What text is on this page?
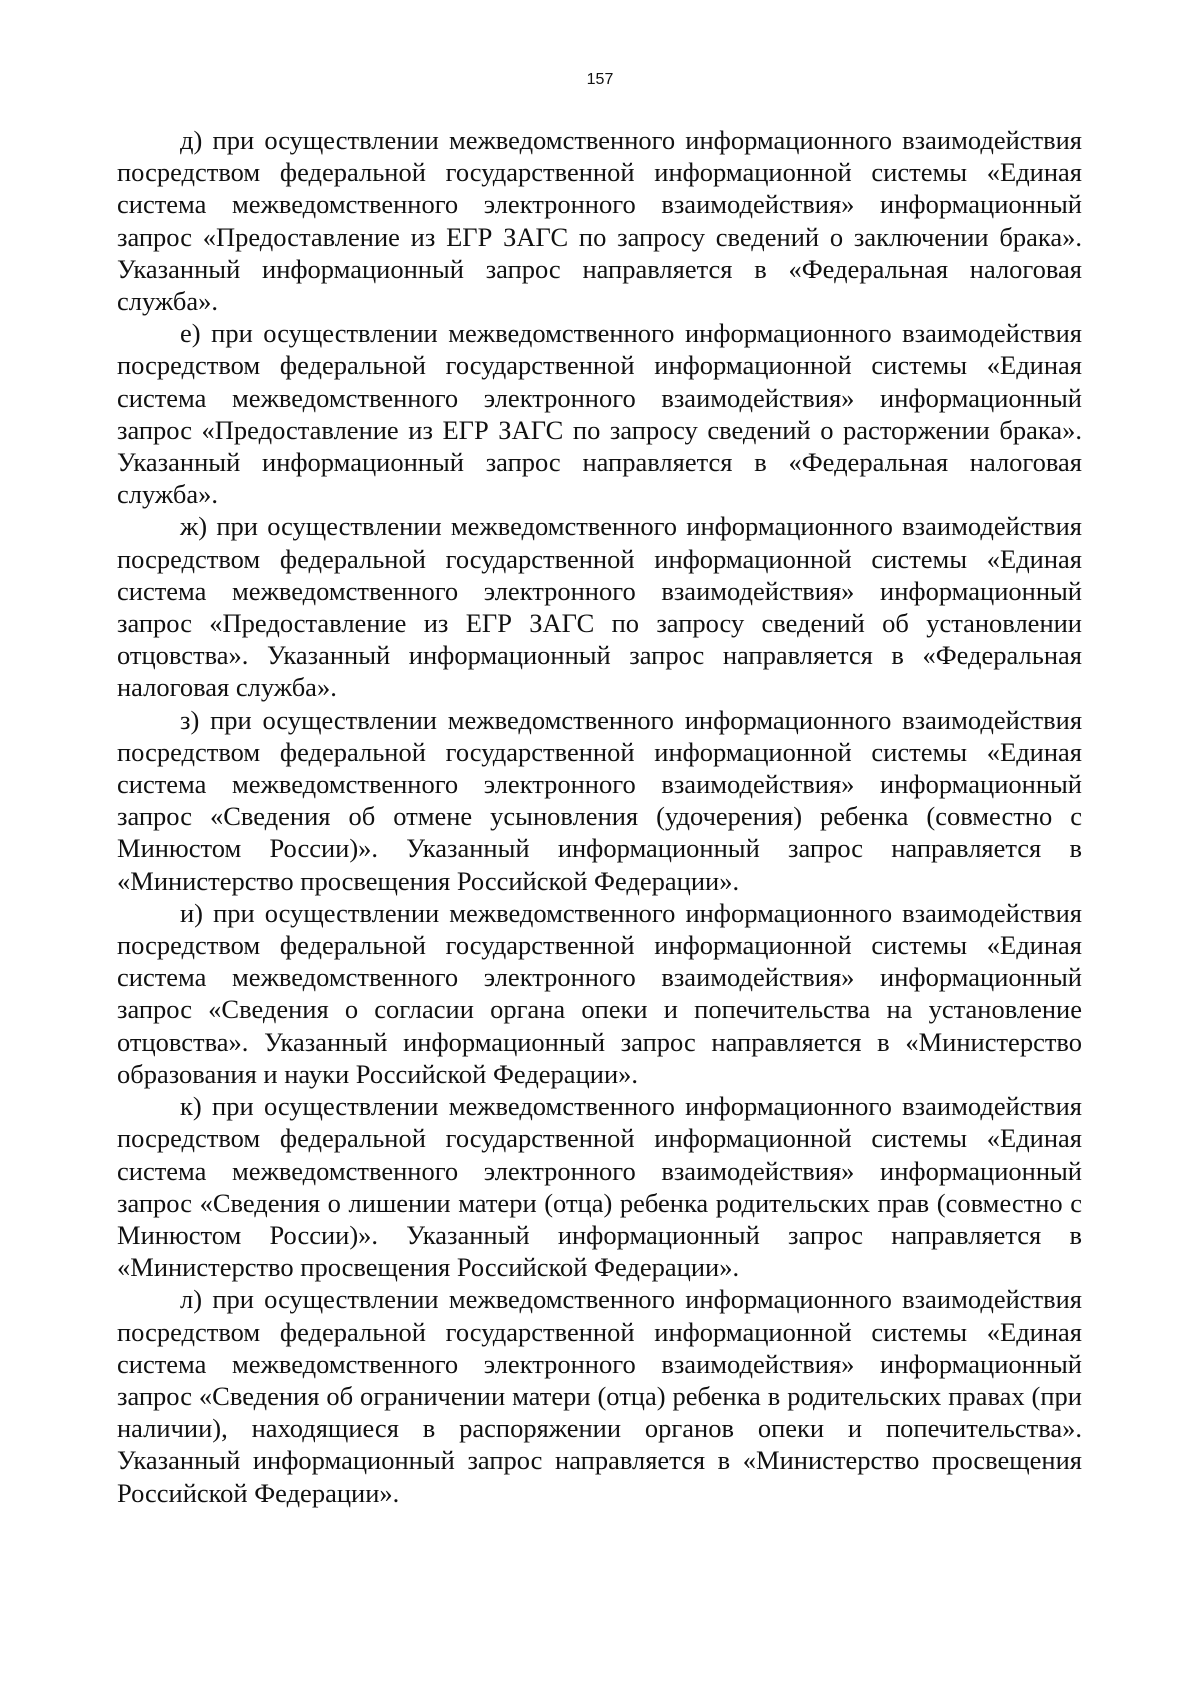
157

д) при осуществлении межведомственного информационного взаимодействия посредством федеральной государственной информационной системы «Единая система межведомственного электронного взаимодействия» информационный запрос «Предоставление из ЕГР ЗАГС по запросу сведений о заключении брака». Указанный информационный запрос направляется в «Федеральная налоговая служба».

е) при осуществлении межведомственного информационного взаимодействия посредством федеральной государственной информационной системы «Единая система межведомственного электронного взаимодействия» информационный запрос «Предоставление из ЕГР ЗАГС по запросу сведений о расторжении брака». Указанный информационный запрос направляется в «Федеральная налоговая служба».

ж) при осуществлении межведомственного информационного взаимодействия посредством федеральной государственной информационной системы «Единая система межведомственного электронного взаимодействия» информационный запрос «Предоставление из ЕГР ЗАГС по запросу сведений об установлении отцовства». Указанный информационный запрос направляется в «Федеральная налоговая служба».

з) при осуществлении межведомственного информационного взаимодействия посредством федеральной государственной информационной системы «Единая система межведомственного электронного взаимодействия» информационный запрос «Сведения об отмене усыновления (удочерения) ребенка (совместно с Минюстом России)». Указанный информационный запрос направляется в «Министерство просвещения Российской Федерации».

и) при осуществлении межведомственного информационного взаимодействия посредством федеральной государственной информационной системы «Единая система межведомственного электронного взаимодействия» информационный запрос «Сведения о согласии органа опеки и попечительства на установление отцовства». Указанный информационный запрос направляется в «Министерство образования и науки Российской Федерации».

к) при осуществлении межведомственного информационного взаимодействия посредством федеральной государственной информационной системы «Единая система межведомственного электронного взаимодействия» информационный запрос «Сведения о лишении матери (отца) ребенка родительских прав (совместно с Минюстом России)». Указанный информационный запрос направляется в «Министерство просвещения Российской Федерации».

л) при осуществлении межведомственного информационного взаимодействия посредством федеральной государственной информационной системы «Единая система межведомственного электронного взаимодействия» информационный запрос «Сведения об ограничении матери (отца) ребенка в родительских правах (при наличии), находящиеся в распоряжении органов опеки и попечительства». Указанный информационный запрос направляется в «Министерство просвещения Российской Федерации».
